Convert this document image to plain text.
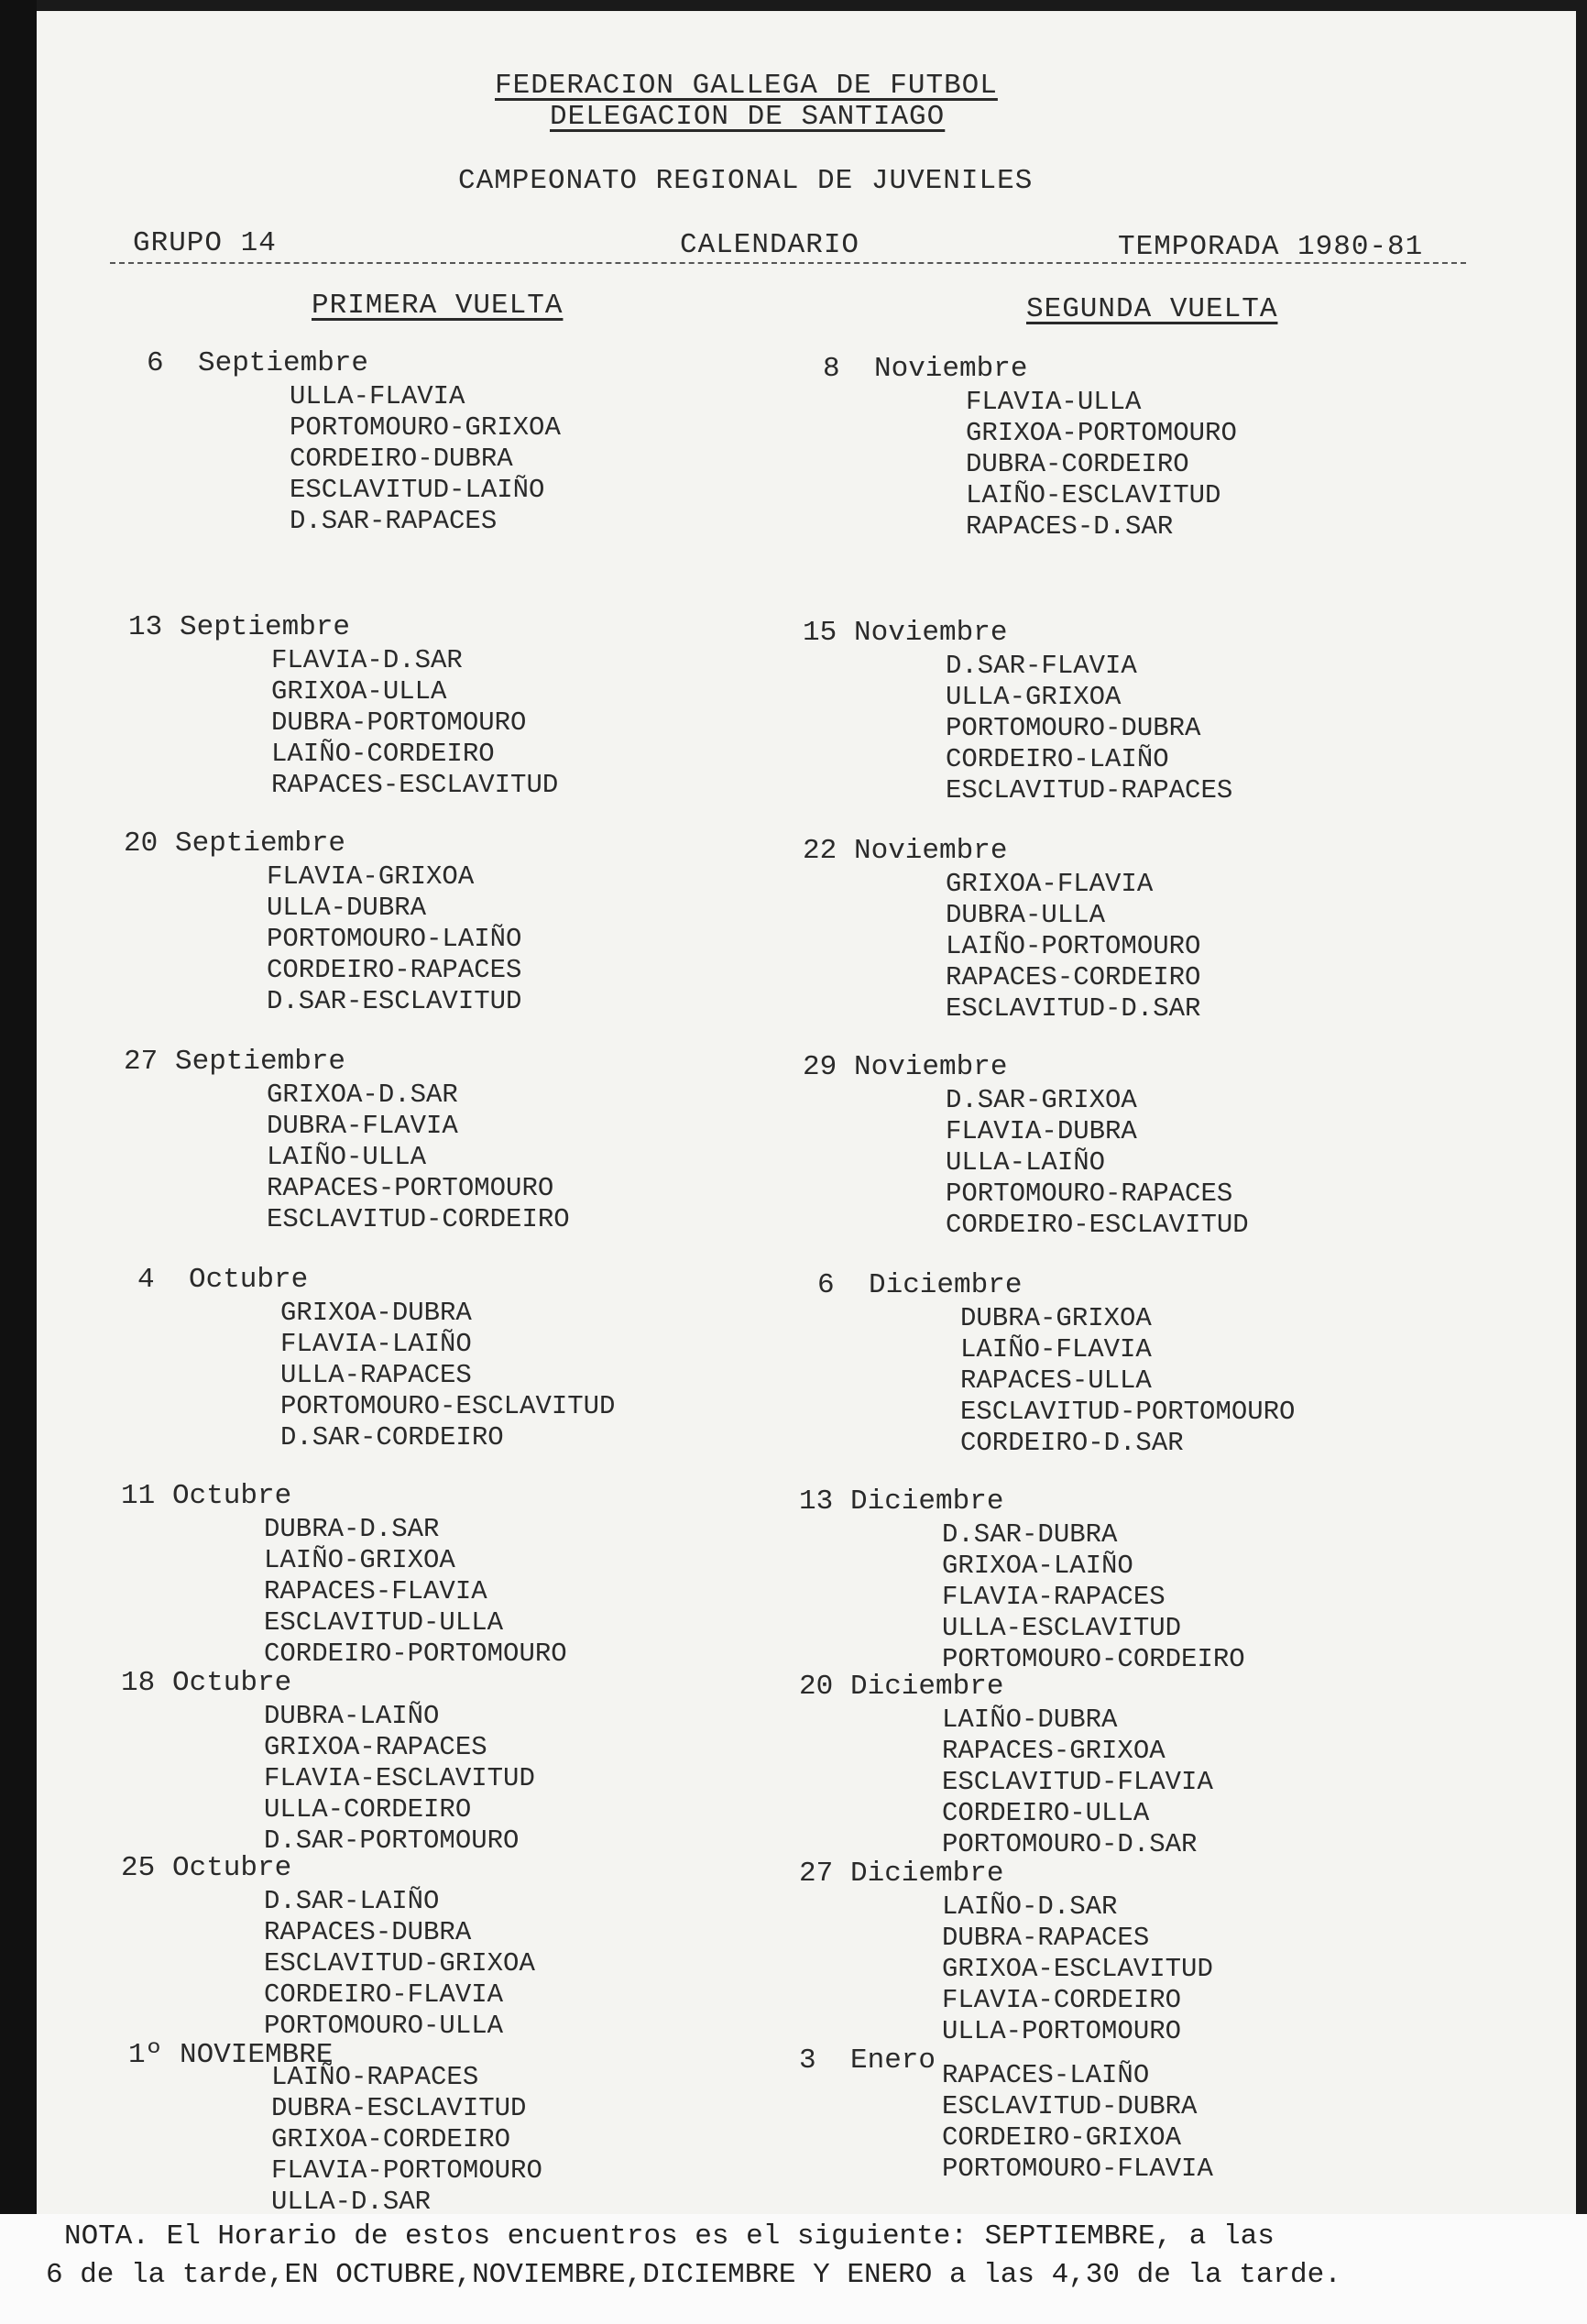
FEDERACION GALLEGA DE FUTBOL
DELEGACION DE SANTIAGO
CAMPEONATO REGIONAL DE JUVENILES
GRUPO 14	CALENDARIO	TEMPORADA 1980-81
PRIMERA VUELTA	SEGUNDA VUELTA
6 Septiembre
ULLA-FLAVIA
PORTOMOURO-GRIXOA
CORDEIRO-DUBRA
ESCLAVITUD-LAIÑO
D.SAR-RAPACES
13 Septiembre
FLAVIA-D.SAR
GRIXOA-ULLA
DUBRA-PORTOMOURO
LAIÑO-CORDEIRO
RAPACES-ESCLAVITUD
20 Septiembre
FLAVIA-GRIXOA
ULLA-DUBRA
PORTOMOURO-LAIÑO
CORDEIRO-RAPACES
D.SAR-ESCLAVITUD
27 Septiembre
GRIXOA-D.SAR
DUBRA-FLAVIA
LAIÑO-ULLA
RAPACES-PORTOMOURO
ESCLAVITUD-CORDEIRO
4 Octubre
GRIXOA-DUBRA
FLAVIA-LAIÑO
ULLA-RAPACES
PORTOMOURO-ESCLAVITUD
D.SAR-CORDEIRO
11 Octubre
DUBRA-D.SAR
LAIÑO-GRIXOA
RAPACES-FLAVIA
ESCLAVITUD-ULLA
CORDEIRO-PORTOMOURO
18 Octubre
DUBRA-LAIÑO
GRIXOA-RAPACES
FLAVIA-ESCLAVITUD
ULLA-CORDEIRO
D.SAR-PORTOMOURO
25 Octubre
D.SAR-LAIÑO
RAPACES-DUBRA
ESCLAVITUD-GRIXOA
CORDEIRO-FLAVIA
PORTOMOURO-ULLA
1º NOVIEMBRE
LAIÑO-RAPACES
DUBRA-ESCLAVITUD
GRIXOA-CORDEIRO
FLAVIA-PORTOMOURO
ULLA-D.SAR
8 Noviembre
FLAVIA-ULLA
GRIXOA-PORTOMOURO
DUBRA-CORDEIRO
LAIÑO-ESCLAVITUD
RAPACES-D.SAR
15 Noviembre
D.SAR-FLAVIA
ULLA-GRIXOA
PORTOMOURO-DUBRA
CORDEIRO-LAIÑO
ESCLAVITUD-RAPACES
22 Noviembre
GRIXOA-FLAVIA
DUBRA-ULLA
LAIÑO-PORTOMOURO
RAPACES-CORDEIRO
ESCLAVITUD-D.SAR
29 Noviembre
D.SAR-GRIXOA
FLAVIA-DUBRA
ULLA-LAIÑO
PORTOMOURO-RAPACES
CORDEIRO-ESCLAVITUD
6 Diciembre
DUBRA-GRIXOA
LAIÑO-FLAVIA
RAPACES-ULLA
ESCLAVITUD-PORTOMOURO
CORDEIRO-D.SAR
13 Diciembre
D.SAR-DUBRA
GRIXOA-LAIÑO
FLAVIA-RAPACES
ULLA-ESCLAVITUD
PORTOMOURO-CORDEIRO
20 Diciembre
LAIÑO-DUBRA
RAPACES-GRIXOA
ESCLAVITUD-FLAVIA
CORDEIRO-ULLA
PORTOMOURO-D.SAR
27 Diciembre
LAIÑO-D.SAR
DUBRA-RAPACES
GRIXOA-ESCLAVITUD
FLAVIA-CORDEIRO
ULLA-PORTOMOURO
3 Enero RAPACES-LAIÑO
ESCLAVITUD-DUBRA
CORDEIRO-GRIXOA
PORTOMOURO-FLAVIA
NOTA. El Horario de estos encuentros es el siguiente: SEPTIEMBRE, a las
6 de la tarde,EN OCTUBRE,NOVIEMBRE,DICIEMBRE Y ENERO a las 4,30 de la tarde.
